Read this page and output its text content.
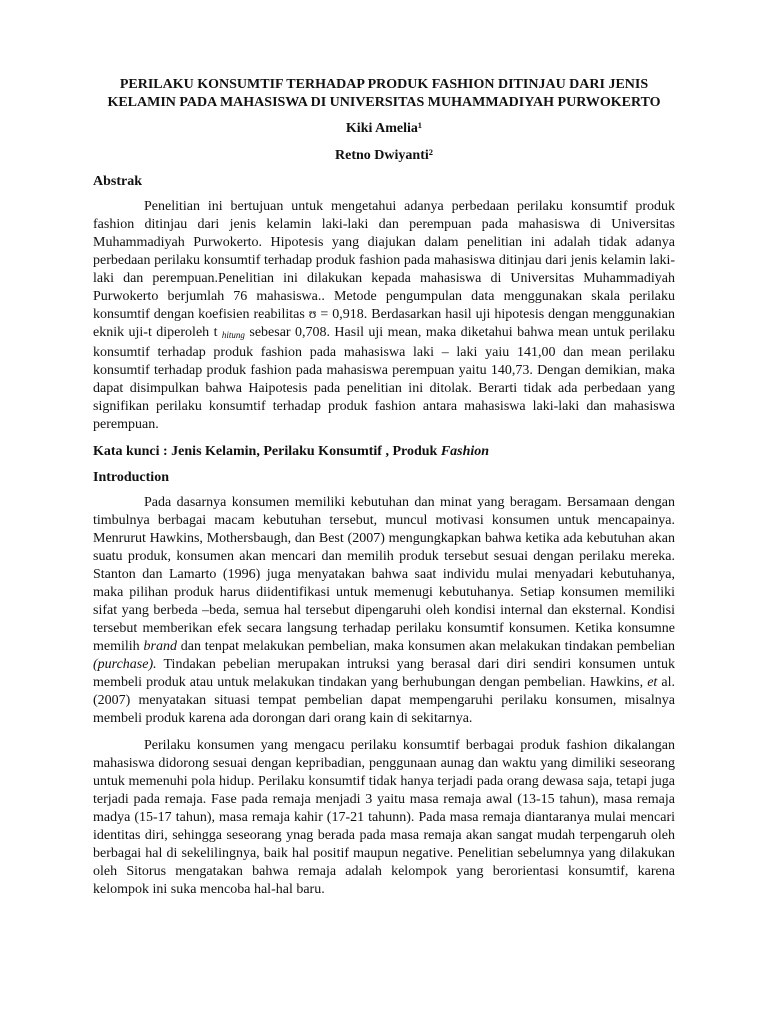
PERILAKU KONSUMTIF TERHADAP PRODUK FASHION DITINJAU DARI JENIS KELAMIN PADA MAHASISWA DI UNIVERSITAS MUHAMMADIYAH PURWOKERTO
Kiki Amelia¹
Retno Dwiyanti²
Abstrak
Penelitian ini bertujuan untuk mengetahui adanya perbedaan perilaku konsumtif produk fashion ditinjau dari jenis kelamin laki-laki dan perempuan pada mahasiswa di Universitas Muhammadiyah Purwokerto. Hipotesis yang diajukan dalam penelitian ini adalah tidak adanya perbedaan perilaku konsumtif terhadap produk fashion pada mahasiswa ditinjau dari jenis kelamin laki-laki dan perempuan.Penelitian ini dilakukan kepada mahasiswa di Universitas Muhammadiyah Purwokerto berjumlah 76 mahasiswa.. Metode pengumpulan data menggunakan skala perilaku konsumtif dengan koefisien reabilitas ʊ = 0,918. Berdasarkan hasil uji hipotesis dengan menggunakian eknik uji-t diperoleh t $_{hitung}$ sebesar 0,708. Hasil uji mean, maka diketahui bahwa mean untuk perilaku konsumtif terhadap produk fashion pada mahasiswa laki – laki yaiu 141,00 dan mean perilaku konsumtif terhadap produk fashion pada mahasiswa perempuan yaitu 140,73. Dengan demikian, maka dapat disimpulkan bahwa Haipotesis pada penelitian ini ditolak. Berarti tidak ada perbedaan yang signifikan perilaku konsumtif terhadap produk fashion antara mahasiswa laki-laki dan mahasiswa perempuan.
Kata kunci : Jenis Kelamin, Perilaku Konsumtif , Produk Fashion
Introduction
Pada dasarnya konsumen memiliki kebutuhan dan minat yang beragam. Bersamaan dengan timbulnya berbagai macam kebutuhan tersebut, muncul motivasi konsumen untuk mencapainya. Menrurut Hawkins, Mothersbaugh, dan Best (2007) mengungkapkan bahwa ketika ada kebutuhan akan suatu produk, konsumen akan mencari dan memilih produk tersebut sesuai dengan perilaku mereka. Stanton dan Lamarto (1996) juga menyatakan bahwa saat individu mulai menyadari kebutuhanya, maka pilihan produk harus diidentifikasi untuk memenugi kebutuhanya. Setiap konsumen memiliki sifat yang berbeda –beda, semua hal tersebut dipengaruhi oleh kondisi internal dan eksternal. Kondisi tersebut memberikan efek secara langsung terhadap perilaku konsumtif konsumen. Ketika konsumne memilih brand dan tenpat melakukan pembelian, maka konsumen akan melakukan tindakan pembelian (purchase). Tindakan pebelian merupakan intruksi yang berasal dari diri sendiri konsumen untuk membeli produk atau untuk melakukan tindakan yang berhubungan dengan pembelian. Hawkins, et al. (2007) menyatakan situasi tempat pembelian dapat mempengaruhi perilaku konsumen, misalnya membeli produk karena ada dorongan dari orang kain di sekitarnya.
Perilaku konsumen yang mengacu perilaku konsumtif berbagai produk fashion dikalangan mahasiswa didorong sesuai dengan kepribadian, penggunaan aunag dan waktu yang dimiliki seseorang untuk memenuhi pola hidup. Perilaku konsumtif tidak hanya terjadi pada orang dewasa saja, tetapi juga terjadi pada remaja. Fase pada remaja menjadi 3 yaitu masa remaja awal (13-15 tahun), masa remaja madya (15-17 tahun), masa remaja kahir (17-21 tahunn). Pada masa remaja diantaranya mulai mencari identitas diri, sehingga seseorang ynag berada pada masa remaja akan sangat mudah terpengaruh oleh berbagai hal di sekelilingnya, baik hal positif maupun negative. Penelitian sebelumnya yang dilakukan oleh Sitorus mengatakan bahwa remaja adalah kelompok yang berorientasi konsumtif, karena kelompok ini suka mencoba hal-hal baru.
